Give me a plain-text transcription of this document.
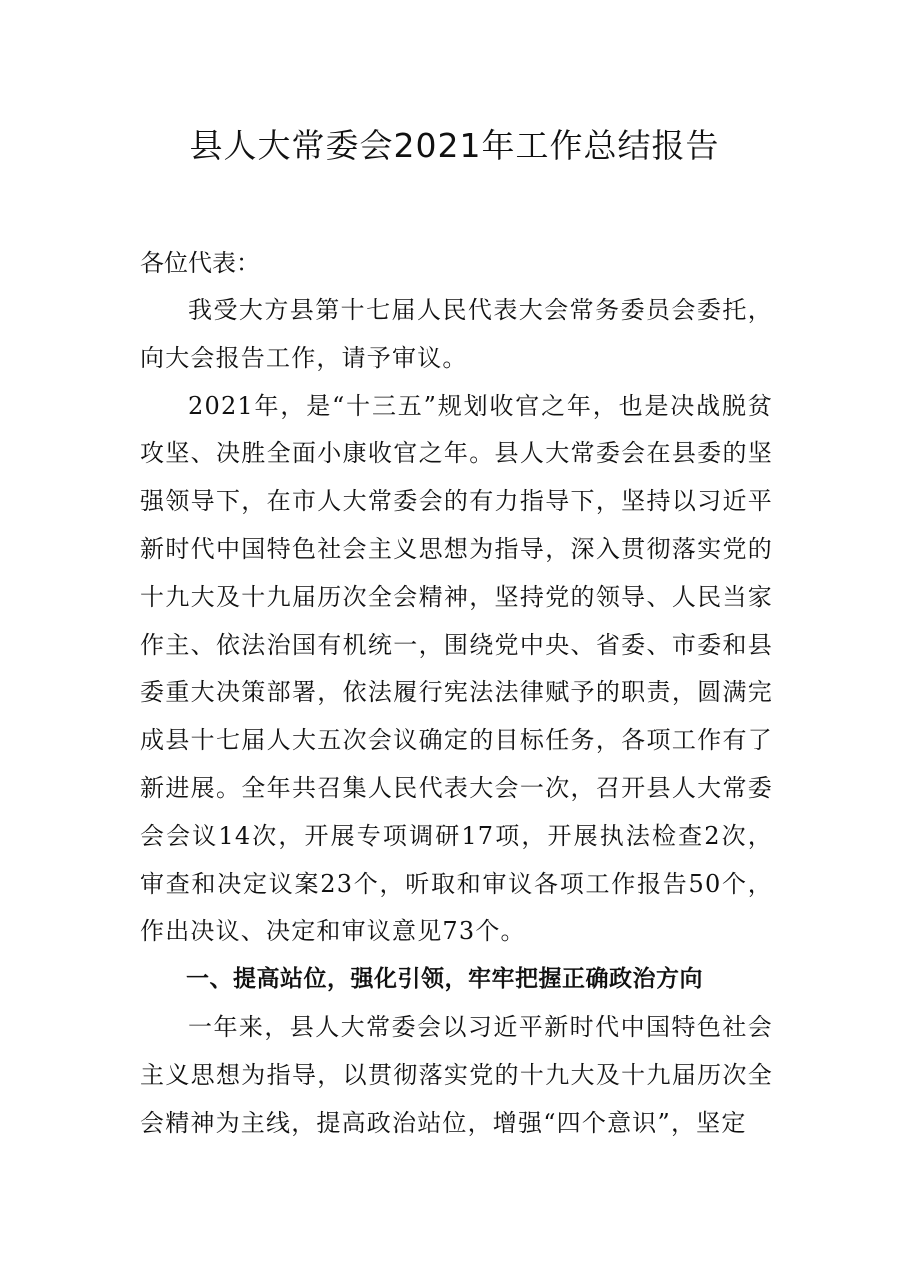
县人大常委会2021年工作总结报告

各位代表：

我受大方县第十七届人民代表大会常务委员会委托，向大会报告工作，请予审议。

2021年，是“十三五”规划收官之年，也是决战脱贫攻坚、决胜全面小康收官之年。县人大常委会在县委的坚强领导下，在市人大常委会的有力指导下，坚持以习近平新时代中国特色社会主义思想为指导，深入贯彻落实党的十九大及十九届历次全会精神，坚持党的领导、人民当家作主、依法治国有机统一，围绕党中央、省委、市委和县委重大决策部署，依法履行宪法法律赋予的职责，圆满完成县十七届人大五次会议确定的目标任务，各项工作有了新进展。全年共召集人民代表大会一次，召开县人大常委会会议14次，开展专项调研17项，开展执法检查2次，审查和决定议案23个，听取和审议各项工作报告50个，作出决议、决定和审议意见73个。

一、提高站位，强化引领，牢牢把握正确政治方向

一年来，县人大常委会以习近平新时代中国特色社会主义思想为指导，以贯彻落实党的十九大及十九届历次全会精神为主线，提高政治站位，增强“四个意识”，坚定
